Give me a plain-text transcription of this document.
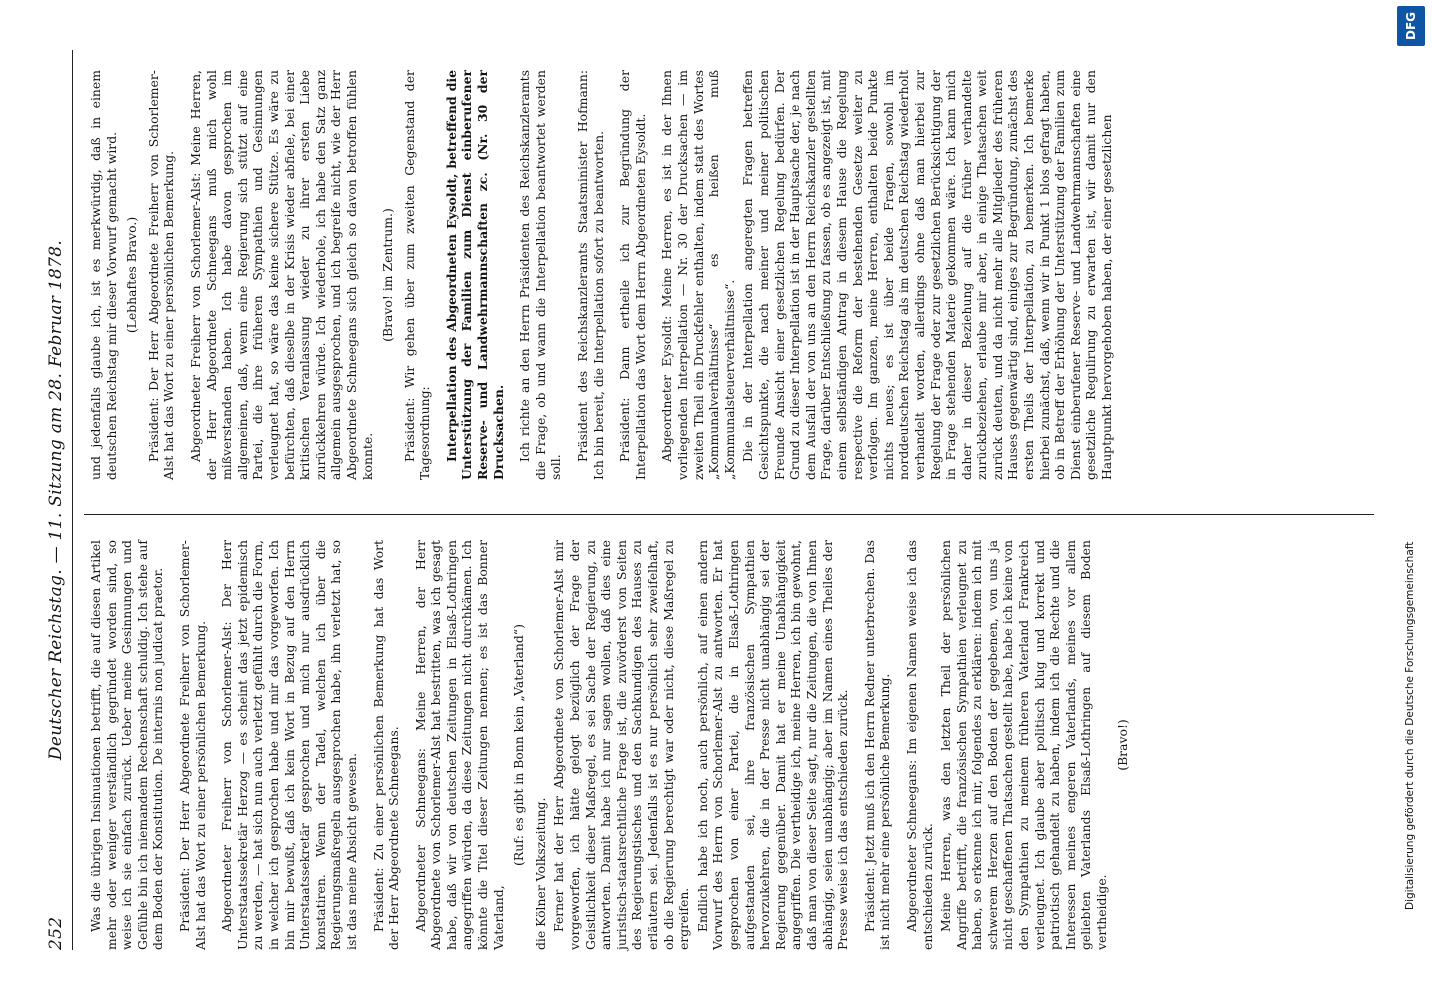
252
Deutscher Reichstag. — 11. Sitzung am 28. Februar 1878. Was die übrigen Insinuationen betrifft, die auf diesen Artikel mehr oder weniger verständlich gegründet worden sind, so weise ich sie einfach zurück. Ueber meine Gesinnungen und Gefühle bin ich niemandem Rechenschaft schuldig. Ich stehe auf dem Boden der Konstitution. De internis non judicat praetor. Präsident: Der Herr Abgeordnete Freiherr von Schorlemer-Alst hat das Wort zu einer persönlichen Bemerkung. Abgeordneter Freiherr von Schorlemer-Alst: Der Herr Unterstaatssekretär Herzog — es scheint das jetzt epidemisch zu werden, — hat sich nun auch verletzt gefühlt durch die Form, in welcher ich gesprochen habe und mir das vorgeworfen. Ich bin mir bewußt, daß ich kein Wort in Bezug auf den Herrn Unterstaatssekretär gesprochen und mich nur ausdrücklich konstatiren. Wenn der Tadel, welchen ich über die Regierungsmaßregeln ausgesprochen habe, ihn verletzt hat, so ist das meine Absicht gewesen. Präsident: Zu einer persönlichen Bemerkung hat das Wort der Herr Abgeordnete Schneegans. Abgeordneter Schneegans: Meine Herren, der Herr Abgeordnete von Schorlemer-Alst hat bestritten, was ich gesagt habe, daß wir von deutschen Zeitungen in Elsaß-Lothringen angegriffen würden, da diese Zeitungen nicht durchkämen. Ich könnte die Titel dieser Zeitungen nennen; es ist das Bonner Vaterland,

(Ruf: es gibt in Bonn kein „Vaterland“)

die Kölner Volkszeitung. Ferner hat der Herr Abgeordnete von Schorlemer-Alst mir vorgeworfen, ich hätte gelogt bezüglich der Frage der Geistlichkeit dieser Maßregel, es sei Sache der Regierung, zu antworten. Damit habe ich nur sagen wollen, daß dies eine juristisch-staatsrechtliche Frage ist, die zuvörderst von Seiten des Regierungstisches und den Sachkundigen des Hauses zu erläutern sei. Jedenfalls ist es nur persönlich sehr zweifelhaft, ob die Regierung berechtigt war oder nicht, diese Maßregel zu ergreifen. Endlich habe ich noch, auch persönlich, auf einen andern Vorwurf des Herrn von Schorlemer-Alst zu antworten. Er hat gesprochen von einer Partei, die in Elsaß-Lothringen aufgestanden sei, ihre französischen Sympathien hervorzukehren, die in der Presse nicht unabhängig sei der Regierung gegenüber. Damit hat er meine Unabhängigkeit angegriffen. Die vertheidige ich, meine Herren, ich bin gewohnt, daß man von dieser Seite sagt, nur die Zeitungen, die von Ihnen abhängig, seien unabhängig; aber im Namen eines Theiles der Presse weise ich das entschieden zurück. Präsident: Jetzt muß ich den Herrn Redner unterbrechen. Das ist nicht mehr eine persönliche Bemerkung. Abgeordneter Schneegans: Im eigenen Namen weise ich das entschieden zurück. Meine Herren, was den letzten Theil der persönlichen Angriffe betrifft, die französischen Sympathien verleugnet zu haben, so erkenne ich mir, folgendes zu erklären: indem ich mit schwerem Herzen auf den Boden der gegebenen, von uns ja nicht geschaffenen Thatsachen gestellt habe, habe ich keine von den Sympathien zu meinem früheren Vaterland Frankreich verleugnet. Ich glaube aber politisch klug und korrekt und patriotisch gehandelt zu haben, indem ich die Rechte und die Interessen meines engeren Vaterlands, meines vor allem geliebten Vaterlands Elsaß-Lothringen auf diesem Boden vertheidige.

(Bravo!)

und jedenfalls glaube ich, ist es merkwürdig, daß in einem deutschen Reichstag mir dieser Vorwurf gemacht wird. (Lebhaftes Bravo.) Präsident: Der Herr Abgeordnete Freiherr von Schorlemer-Alst hat das Wort zu einer persönlichen Bemerkung. Abgeordneter Freiherr von Schorlemer-Alst: Meine Herren, der Herr Abgeordnete Schneegans muß mich wohl mißverstanden haben. Ich habe davon gesprochen im allgemeinen, daß, wenn eine Regierung sich stützt auf eine Partei, die ihre früheren Sympathien und Gesinnungen verleugnet hat, so wäre das keine sichere Stütze. Es wäre zu befürchten, daß dieselbe in der Krisis wieder abfiele, bei einer kritischen Veranlassung wieder zu ihrer ersten Liebe zurückkehren würde. Ich wiederhole, ich habe den Satz ganz allgemein ausgesprochen, und ich begreife nicht, wie der Herr Abgeordnete Schneegans sich gleich so davon betroffen fühlen konnte.

(Bravo! im Zentrum.) Präsident: Wir gehen über zum zweiten Gegenstand der Tagesordnung: Interpellation des Abgeordneten Eysoldt, betreffend die Unterstützung der Familien zum Dienst einberufener Reserve- und Landwehrmannschaften zc. (Nr. 30 der Drucksachen. Ich richte an den Herrn Präsidenten des Reichskanzleramts die Frage, ob und wann die Interpellation beantwortet werden soll.

Präsident des Reichskanzleramts Staatsminister Hofmann: Ich bin bereit, die Interpellation sofort zu beantworten. Präsident: Dann ertheile ich zur Begründung der Interpellation das Wort dem Herrn Abgeordneten Eysoldt. Abgeordneter Eysoldt: Meine Herren, es ist in der Ihnen vorliegenden Interpellation — Nr. 30 der Drucksachen — im zweiten Theil ein Druckfehler enthalten, indem statt des Wortes „Kommunalverhältnisse“ es heißen muß „Kommunalsteuerverhältnisse“. Die in der Interpellation angeregten Fragen betreffen Gesichtspunkte, die nach meiner und meiner politischen Freunde Ansicht einer gesetzlichen Regelung bedürfen. Der Grund zu dieser Interpellation ist in der Hauptsache der, je nach dem Ausfall der von uns an den Herrn Reichskanzler gestellten Frage, darüber Entschließung zu fassen, ob es angezeigt ist, mit einem selbständigen Antrag in diesem Hause die Regelung respective die Reform der bestehenden Gesetze weiter zu verfolgen. Im ganzen, meine Herren, enthalten beide Punkte nichts neues; es ist über beide Fragen, sowohl im norddeutschen Reichstag als im deutschen Reichstag wiederholt verhandelt worden, allerdings ohne daß man hierbei zur Regelung der Frage oder zur gesetzlichen Berücksichtigung der in Frage stehenden Materie gekommen wäre. Ich kann mich daher in dieser Beziehung auf die früher verhandelte zurückbeziehen, erlaube mir aber, in einige Thatsachen weit zurück deuten, und da nicht mehr alle Mitglieder des früheren Hauses gegenwärtig sind, einiges zur Begründung, zunächst des ersten Theils der Interpellation, zu bemerken. Ich bemerke hierbei zunächst, daß, wenn wir in Punkt 1 blos gefragt haben, ob in Betreff der Erhöhung der Unterstützung der Familien zum Dienst einberufener Reserve- und Landwehrmannschaften eine gesetzliche Regulirung zu erwarten ist, wir damit nur den Hauptpunkt hervorgehoben haben, der einer gesetzlichen

DFG
Digitalisierung gefördert durch die Deutsche Forschungsgemeinschaft
